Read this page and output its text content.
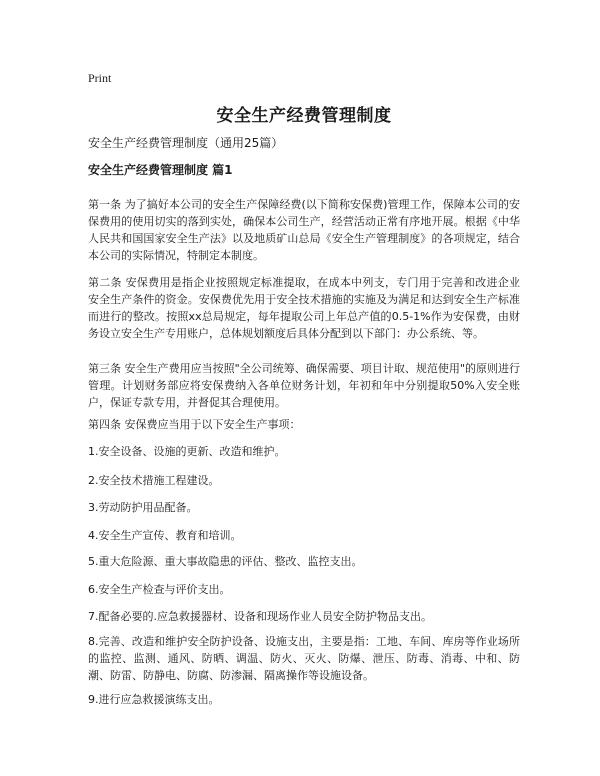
Print
安全生产经费管理制度
安全生产经费管理制度（通用25篇）
安全生产经费管理制度 篇1

第一条 为了搞好本公司的安全生产保障经费(以下简称安保费)管理工作，保障本公司的安保费用的使用切实的落到实处，确保本公司生产，经营活动正常有序地开展。根据《中华人民共和国国家安全生产法》以及地质矿山总局《安全生产管理制度》的各项规定，结合本公司的实际情况，特制定本制度。

第二条 安保费用是指企业按照规定标准提取，在成本中列支，专门用于完善和改进企业安全生产条件的资金。安保费优先用于安全技术措施的实施及为满足和达到安全生产标准而进行的整改。按照xx总局规定，每年提取公司上年总产值的0.5-1%作为安保费，由财务设立安全生产专用账户，总体规划额度后具体分配到以下部门：办公系统、等。

第三条 安全生产费用应当按照"全公司统筹、确保需要、项目计取、规范使用"的原则进行管理。计划财务部应将安保费纳入各单位财务计划，年初和年中分别提取50%入安全账户，保证专款专用，并督促其合理使用。

第四条 安保费应当用于以下安全生产事项：

1.安全设备、设施的更新、改造和维护。

2.安全技术措施工程建设。

3.劳动防护用品配备。

4.安全生产宣传、教育和培训。

5.重大危险源、重大事故隐患的评估、整改、监控支出。

6.安全生产检查与评价支出。

7.配备必要的.应急救援器材、设备和现场作业人员安全防护物品支出。

8.完善、改造和维护安全防护设备、设施支出，主要是指：工地、车间、库房等作业场所的监控、监测、通风、防晒、调温、防火、灭火、防爆、泄压、防毒、消毒、中和、防潮、防雷、防静电、防腐、防渗漏、隔离操作等设施设备。

9.进行应急救援演练支出。
